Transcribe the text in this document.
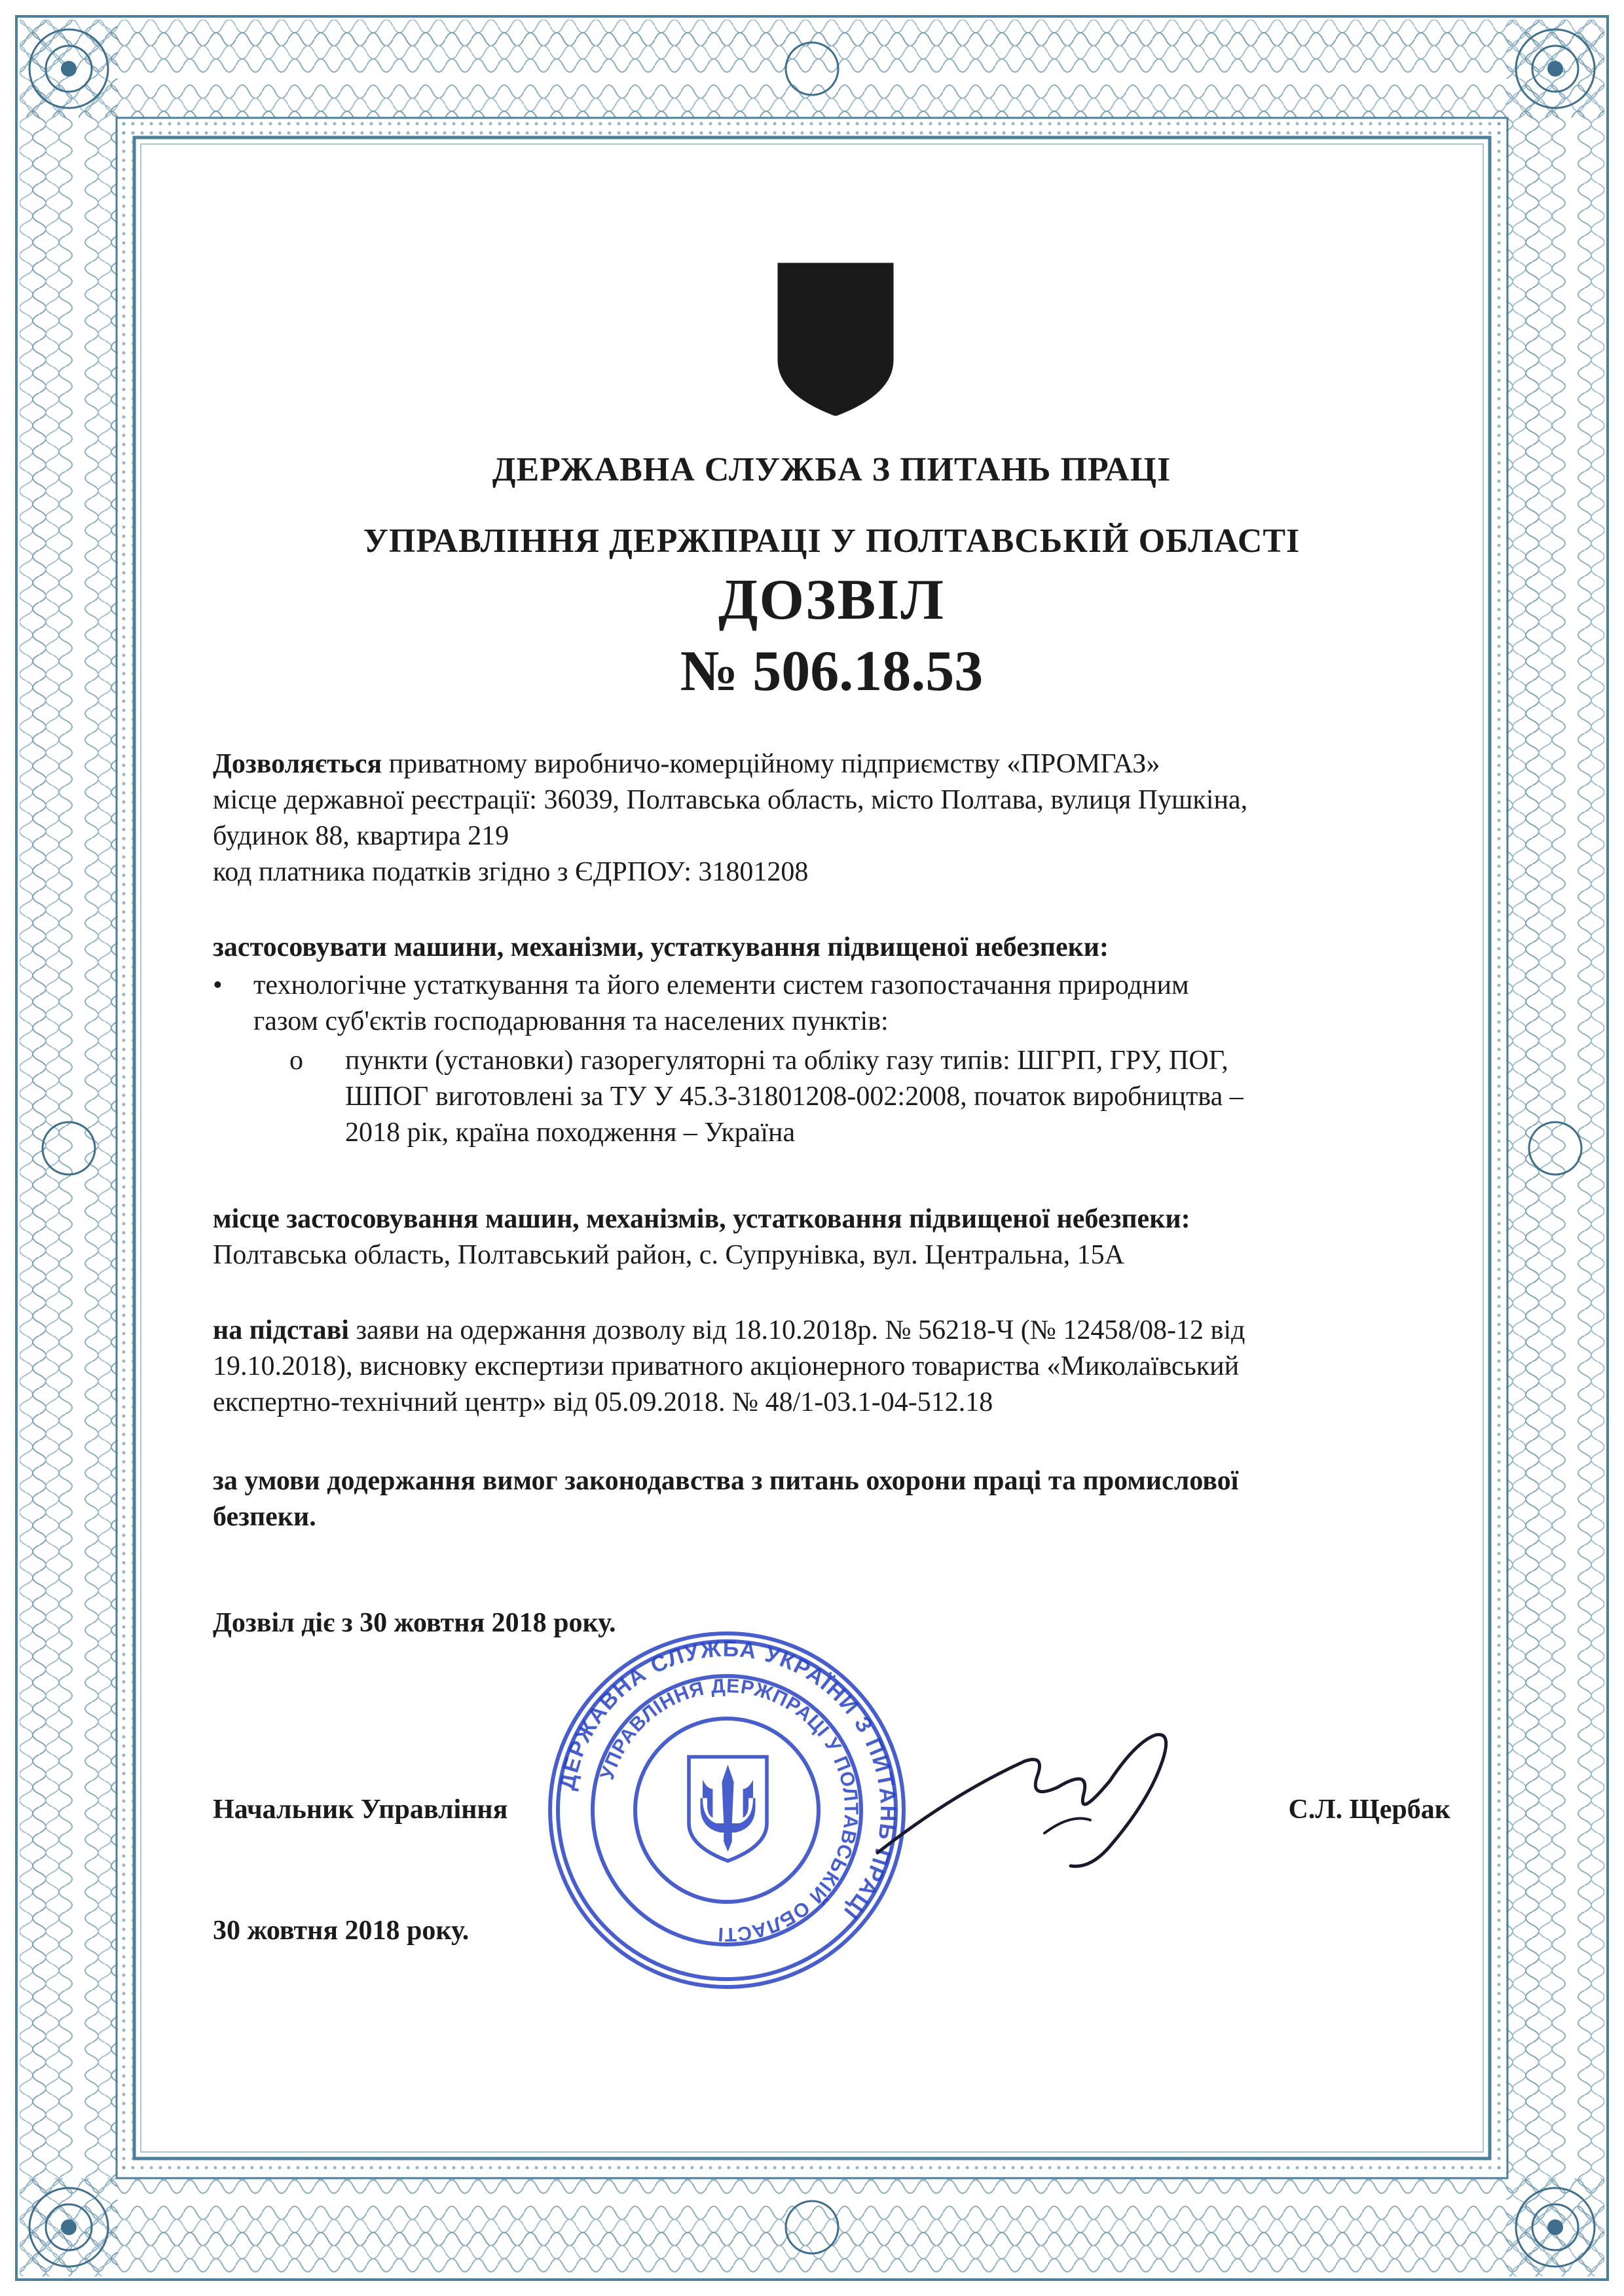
ДЕРЖАВНА СЛУЖБА З ПИТАНЬ ПРАЦІ
УПРАВЛІННЯ ДЕРЖПРАЦІ У ПОЛТАВСЬКІЙ ОБЛАСТІ
ДОЗВІЛ
№ 506.18.53
Дозволяється приватному виробничо-комерційному підприємству «ПРОМГАЗ»
місце державної реєстрації: 36039, Полтавська область, місто Полтава, вулиця Пушкіна,
будинок 88, квартира 219
код платника податків згідно з ЄДРПОУ: 31801208
застосовувати машини, механізми, устаткування підвищеної небезпеки:
•	технологічне устаткування та його елементи систем газопостачання природним
газом суб'єктів господарювання та населених пунктів:
o	пункти (установки) газорегуляторні та обліку газу типів: ШГРП, ГРУ, ПОГ,
ШПОГ виготовлені за ТУ У 45.3-31801208-002:2008, початок виробництва –
2018 рік, країна походження – Україна
місце застосовування машин, механізмів, устатковання підвищеної небезпеки:
Полтавська область, Полтавський район, с. Супрунівка, вул. Центральна, 15А
на підставі заяви на одержання дозволу від 18.10.2018р. № 56218-Ч (№ 12458/08-12 від
19.10.2018), висновку експертизи приватного акціонерного товариства «Миколаївський
експертно-технічний центр» від 05.09.2018. № 48/1-03.1-04-512.18
за умови додержання вимог законодавства з питань охорони праці та промислової
безпеки.
Дозвіл діє з 30 жовтня 2018 року.
Начальник Управління	С.Л. Щербак
30 жовтня 2018 року.
ДЕРЖАВНА СЛУЖБА УКРАЇНИ З ПИТАНЬ ПРАЦІ
УПРАВЛІННЯ ДЕРЖПРАЦІ У ПОЛТАВСЬКІЙ ОБЛАСТІ
